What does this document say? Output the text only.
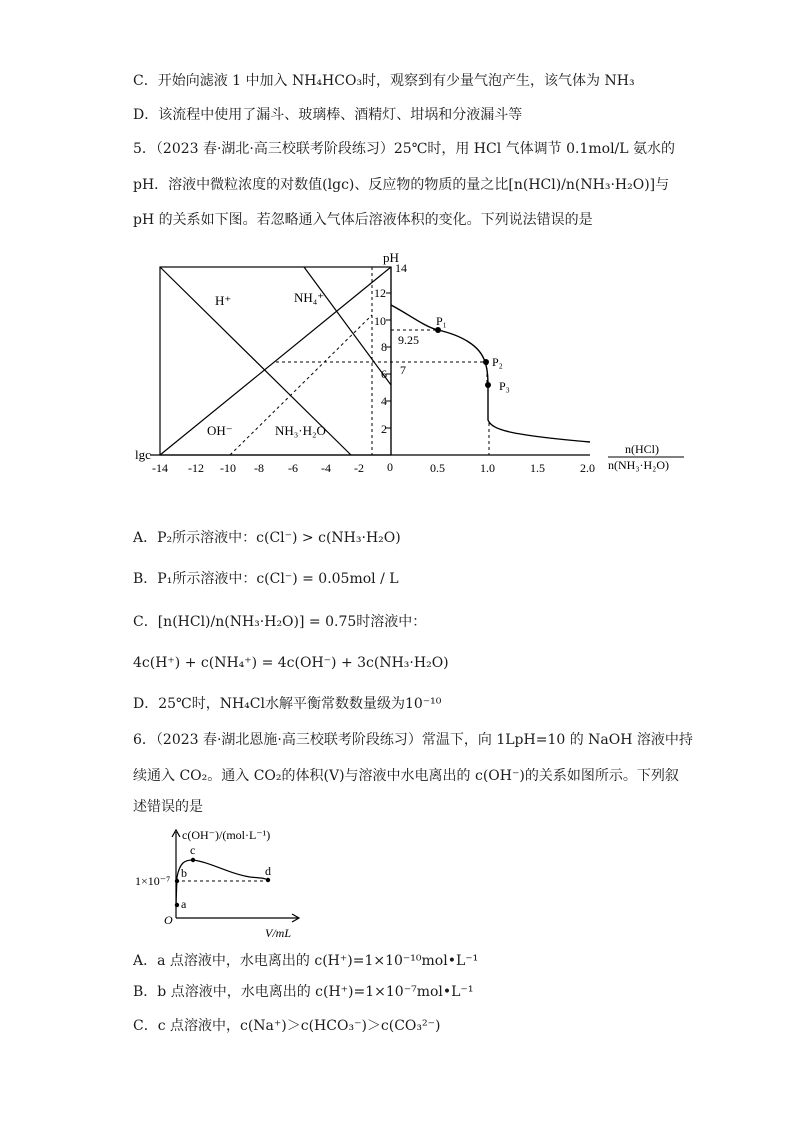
C．开始向滤液 1 中加入 NH₄HCO₃时，观察到有少量气泡产生，该气体为 NH₃
D．该流程中使用了漏斗、玻璃棒、酒精灯、坩埚和分液漏斗等
5．（2023 春·湖北·高三校联考阶段练习）25℃时，用 HCl 气体调节 0.1mol/L 氨水的
pH．溶液中微粒浓度的对数值(lgc)、反应物的物质的量之比[n(HCl)/n(NH₃·H₂O)]与
pH 的关系如下图。若忽略通入气体后溶液体积的变化。下列说法错误的是
pH
14
12
10
8
7
6
4
2
0
9.25
lgc
-14 -12 -10 -8 -6 -4 -2	0.5	1.0	1.5	2.0
n(HCl)
n(NH₃·H₂O)
H⁺	NH₄⁺
OH⁻	NH₃·H₂O
P₁
P₂
P₃
A．P₂所示溶液中：c(Cl⁻) > c(NH₃·H₂O)
B．P₁所示溶液中：c(Cl⁻) = 0.05mol / L
C．[n(HCl)/n(NH₃·H₂O)] = 0.75时溶液中：
4c(H⁺) + c(NH₄⁺) = 4c(OH⁻) + 3c(NH₃·H₂O)
D．25℃时，NH₄Cl水解平衡常数数量级为10⁻¹⁰
6．（2023 春·湖北恩施·高三校联考阶段练习）常温下，向 1LpH=10 的 NaOH 溶液中持
续通入 CO₂。通入 CO₂的体积(V)与溶液中水电离出的 c(OH⁻)的关系如图所示。下列叙
述错误的是
c(OH⁻)/(mol·L⁻¹)
1×10⁻⁷
V/mL
O
a
b
c
d
A．a 点溶液中，水电离出的 c(H⁺)=1×10⁻¹⁰mol•L⁻¹
B．b 点溶液中，水电离出的 c(H⁺)=1×10⁻⁷mol•L⁻¹
C．c 点溶液中，c(Na⁺)＞c(HCO₃⁻)＞c(CO₃²⁻)
